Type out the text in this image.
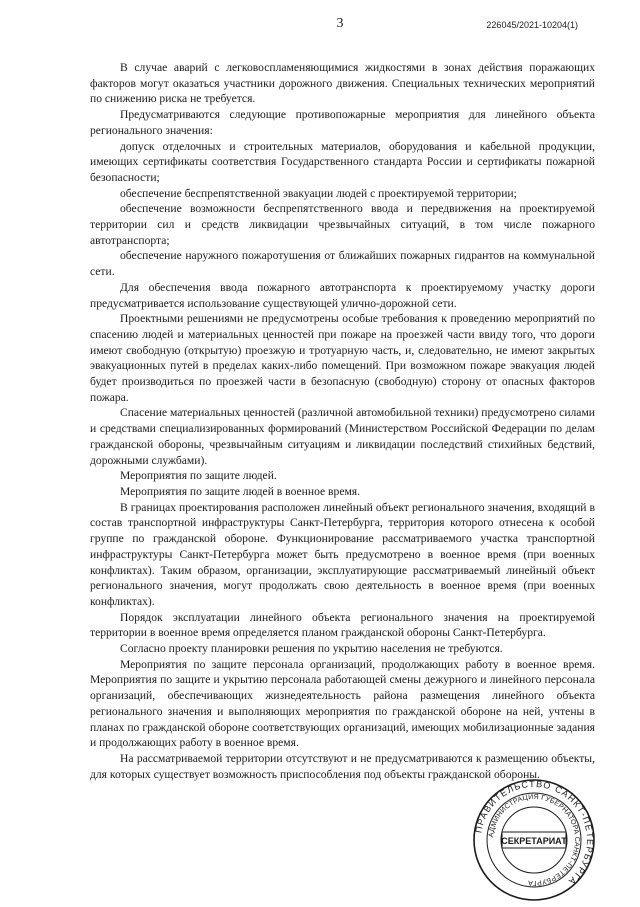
3	226045/2021-10204(1)

В случае аварий с легковоспламеняющимися жидкостями в зонах действия поражающих факторов могут оказаться участники дорожного движения. Специальных технических мероприятий по снижению риска не требуется.

Предусматриваются следующие противопожарные мероприятия для линейного объекта регионального значения:

допуск отделочных и строительных материалов, оборудования и кабельной продукции, имеющих сертификаты соответствия Государственного стандарта России и сертификаты пожарной безопасности;

обеспечение беспрепятственной эвакуации людей с проектируемой территории;

обеспечение возможности беспрепятственного ввода и передвижения на проектируемой территории сил и средств ликвидации чрезвычайных ситуаций, в том числе пожарного автотранспорта;

обеспечение наружного пожаротушения от ближайших пожарных гидрантов на коммунальной сети.

Для обеспечения ввода пожарного автотранспорта к проектируемому участку дороги предусматривается использование существующей улично-дорожной сети.

Проектными решениями не предусмотрены особые требования к проведению мероприятий по спасению людей и материальных ценностей при пожаре на проезжей части ввиду того, что дороги имеют свободную (открытую) проезжую и тротуарную часть, и, следовательно, не имеют закрытых эвакуационных путей в пределах каких-либо помещений. При возможном пожаре эвакуация людей будет производиться по проезжей части в безопасную (свободную) сторону от опасных факторов пожара.

Спасение материальных ценностей (различной автомобильной техники) предусмотрено силами и средствами специализированных формирований (Министерством Российской Федерации по делам гражданской обороны, чрезвычайным ситуациям и ликвидации последствий стихийных бедствий, дорожными службами).

Мероприятия по защите людей.

Мероприятия по защите людей в военное время.

В границах проектирования расположен линейный объект регионального значения, входящий в состав транспортной инфраструктуры Санкт-Петербурга, территория которого отнесена к особой группе по гражданской обороне. Функционирование рассматриваемого участка транспортной инфраструктуры Санкт-Петербурга может быть предусмотрено в военное время (при военных конфликтах). Таким образом, организации, эксплуатирующие рассматриваемый линейный объект регионального значения, могут продолжать свою деятельность в военное время (при военных конфликтах).

Порядок эксплуатации линейного объекта регионального значения на проектируемой территории в военное время определяется планом гражданской обороны Санкт-Петербурга.

Согласно проекту планировки решения по укрытию населения не требуются.

Мероприятия по защите персонала организаций, продолжающих работу в военное время. Мероприятия по защите и укрытию персонала работающей смены дежурного и линейного персонала организаций, обеспечивающих жизнедеятельность района размещения линейного объекта регионального значения и выполняющих мероприятия по гражданской обороне на ней, учтены в планах по гражданской обороне соответствующих организаций, имеющих мобилизационные задания и продолжающих работу в военное время.

На рассматриваемой территории отсутствуют и не предусматриваются к размещению объекты, для которых существует возможность приспособления под объекты гражданской обороны.

ПРАВИТЕЛЬСТВО САНКТ-ПЕТЕРБУРГА
АДМИНИСТРАЦИЯ ГУБЕРНАТОРА САНКТ-ПЕТЕРБУРГА
СЕКРЕТАРИАТ
